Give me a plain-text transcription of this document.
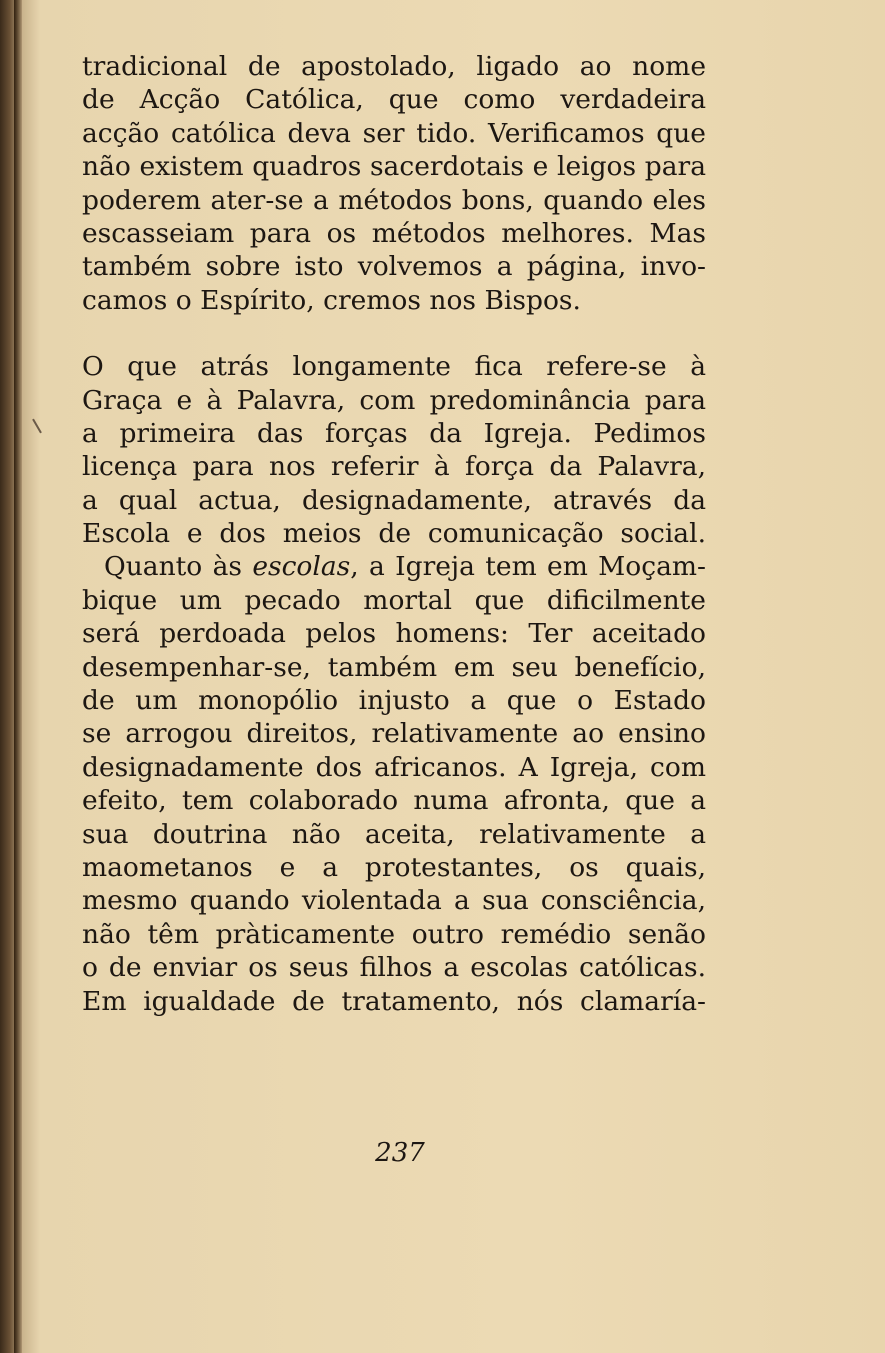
tradicional de apostolado, ligado ao nome
de Acção Católica, que como verdadeira
acção católica deva ser tido. Verificamos que
não existem quadros sacerdotais e leigos para
poderem ater-se a métodos bons, quando eles
escasseiam para os métodos melhores. Mas
também sobre isto volvemos a página, invo-
camos o Espírito, cremos nos Bispos.
O que atrás longamente fica refere-se à
Graça e à Palavra, com predominância para
a primeira das forças da Igreja. Pedimos
licença para nos referir à força da Palavra,
a qual actua, designadamente, através da
Escola e dos meios de comunicação social.
Quanto às escolas, a Igreja tem em Moçam-
bique um pecado mortal que dificilmente
será perdoada pelos homens: Ter aceitado
desempenhar-se, também em seu benefício,
de um monopólio injusto a que o Estado
se arrogou direitos, relativamente ao ensino
designadamente dos africanos. A Igreja, com
efeito, tem colaborado numa afronta, que a
sua doutrina não aceita, relativamente a
maometanos e a protestantes, os quais,
mesmo quando violentada a sua consciência,
não têm pràticamente outro remédio senão
o de enviar os seus filhos a escolas católicas.
Em igualdade de tratamento, nós clamaría-
237
